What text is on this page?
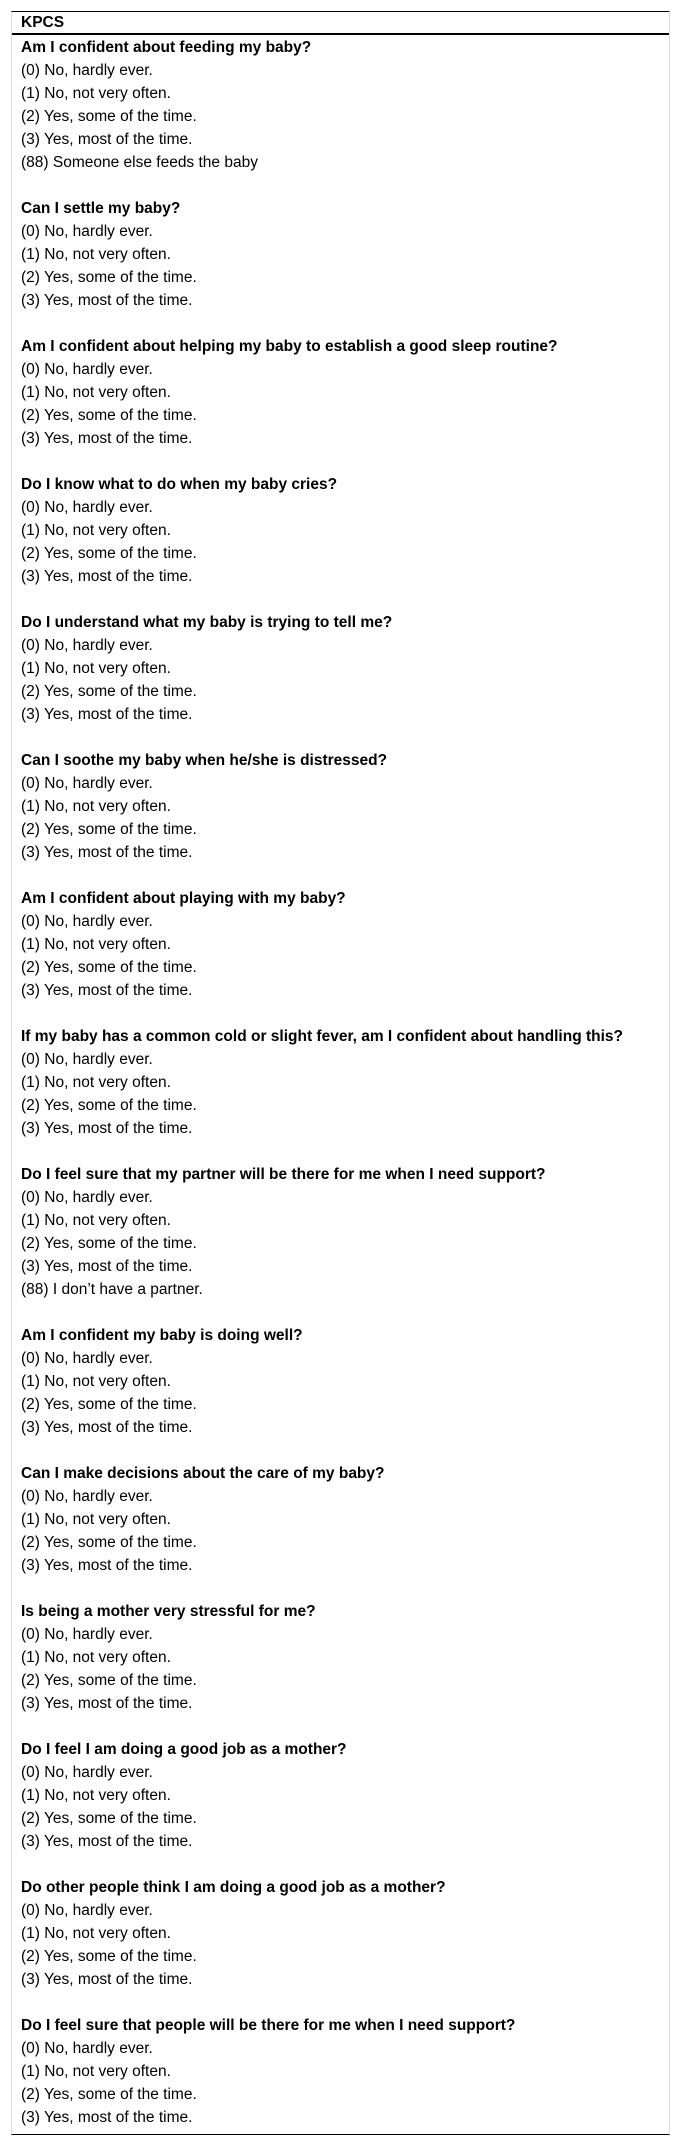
KPCS
Am I confident about feeding my baby?
(0) No, hardly ever.
(1) No, not very often.
(2) Yes, some of the time.
(3) Yes, most of the time.
(88) Someone else feeds the baby
Can I settle my baby?
(0) No, hardly ever.
(1) No, not very often.
(2) Yes, some of the time.
(3) Yes, most of the time.
Am I confident about helping my baby to establish a good sleep routine?
(0) No, hardly ever.
(1) No, not very often.
(2) Yes, some of the time.
(3) Yes, most of the time.
Do I know what to do when my baby cries?
(0) No, hardly ever.
(1) No, not very often.
(2) Yes, some of the time.
(3) Yes, most of the time.
Do I understand what my baby is trying to tell me?
(0) No, hardly ever.
(1) No, not very often.
(2) Yes, some of the time.
(3) Yes, most of the time.
Can I soothe my baby when he/she is distressed?
(0) No, hardly ever.
(1) No, not very often.
(2) Yes, some of the time.
(3) Yes, most of the time.
Am I confident about playing with my baby?
(0) No, hardly ever.
(1) No, not very often.
(2) Yes, some of the time.
(3) Yes, most of the time.
If my baby has a common cold or slight fever, am I confident about handling this?
(0) No, hardly ever.
(1) No, not very often.
(2) Yes, some of the time.
(3) Yes, most of the time.
Do I feel sure that my partner will be there for me when I need support?
(0) No, hardly ever.
(1) No, not very often.
(2) Yes, some of the time.
(3) Yes, most of the time.
(88) I don’t have a partner.
Am I confident my baby is doing well?
(0) No, hardly ever.
(1) No, not very often.
(2) Yes, some of the time.
(3) Yes, most of the time.
Can I make decisions about the care of my baby?
(0) No, hardly ever.
(1) No, not very often.
(2) Yes, some of the time.
(3) Yes, most of the time.
Is being a mother very stressful for me?
(0) No, hardly ever.
(1) No, not very often.
(2) Yes, some of the time.
(3) Yes, most of the time.
Do I feel I am doing a good job as a mother?
(0) No, hardly ever.
(1) No, not very often.
(2) Yes, some of the time.
(3) Yes, most of the time.
Do other people think I am doing a good job as a mother?
(0) No, hardly ever.
(1) No, not very often.
(2) Yes, some of the time.
(3) Yes, most of the time.
Do I feel sure that people will be there for me when I need support?
(0) No, hardly ever.
(1) No, not very often.
(2) Yes, some of the time.
(3) Yes, most of the time.
